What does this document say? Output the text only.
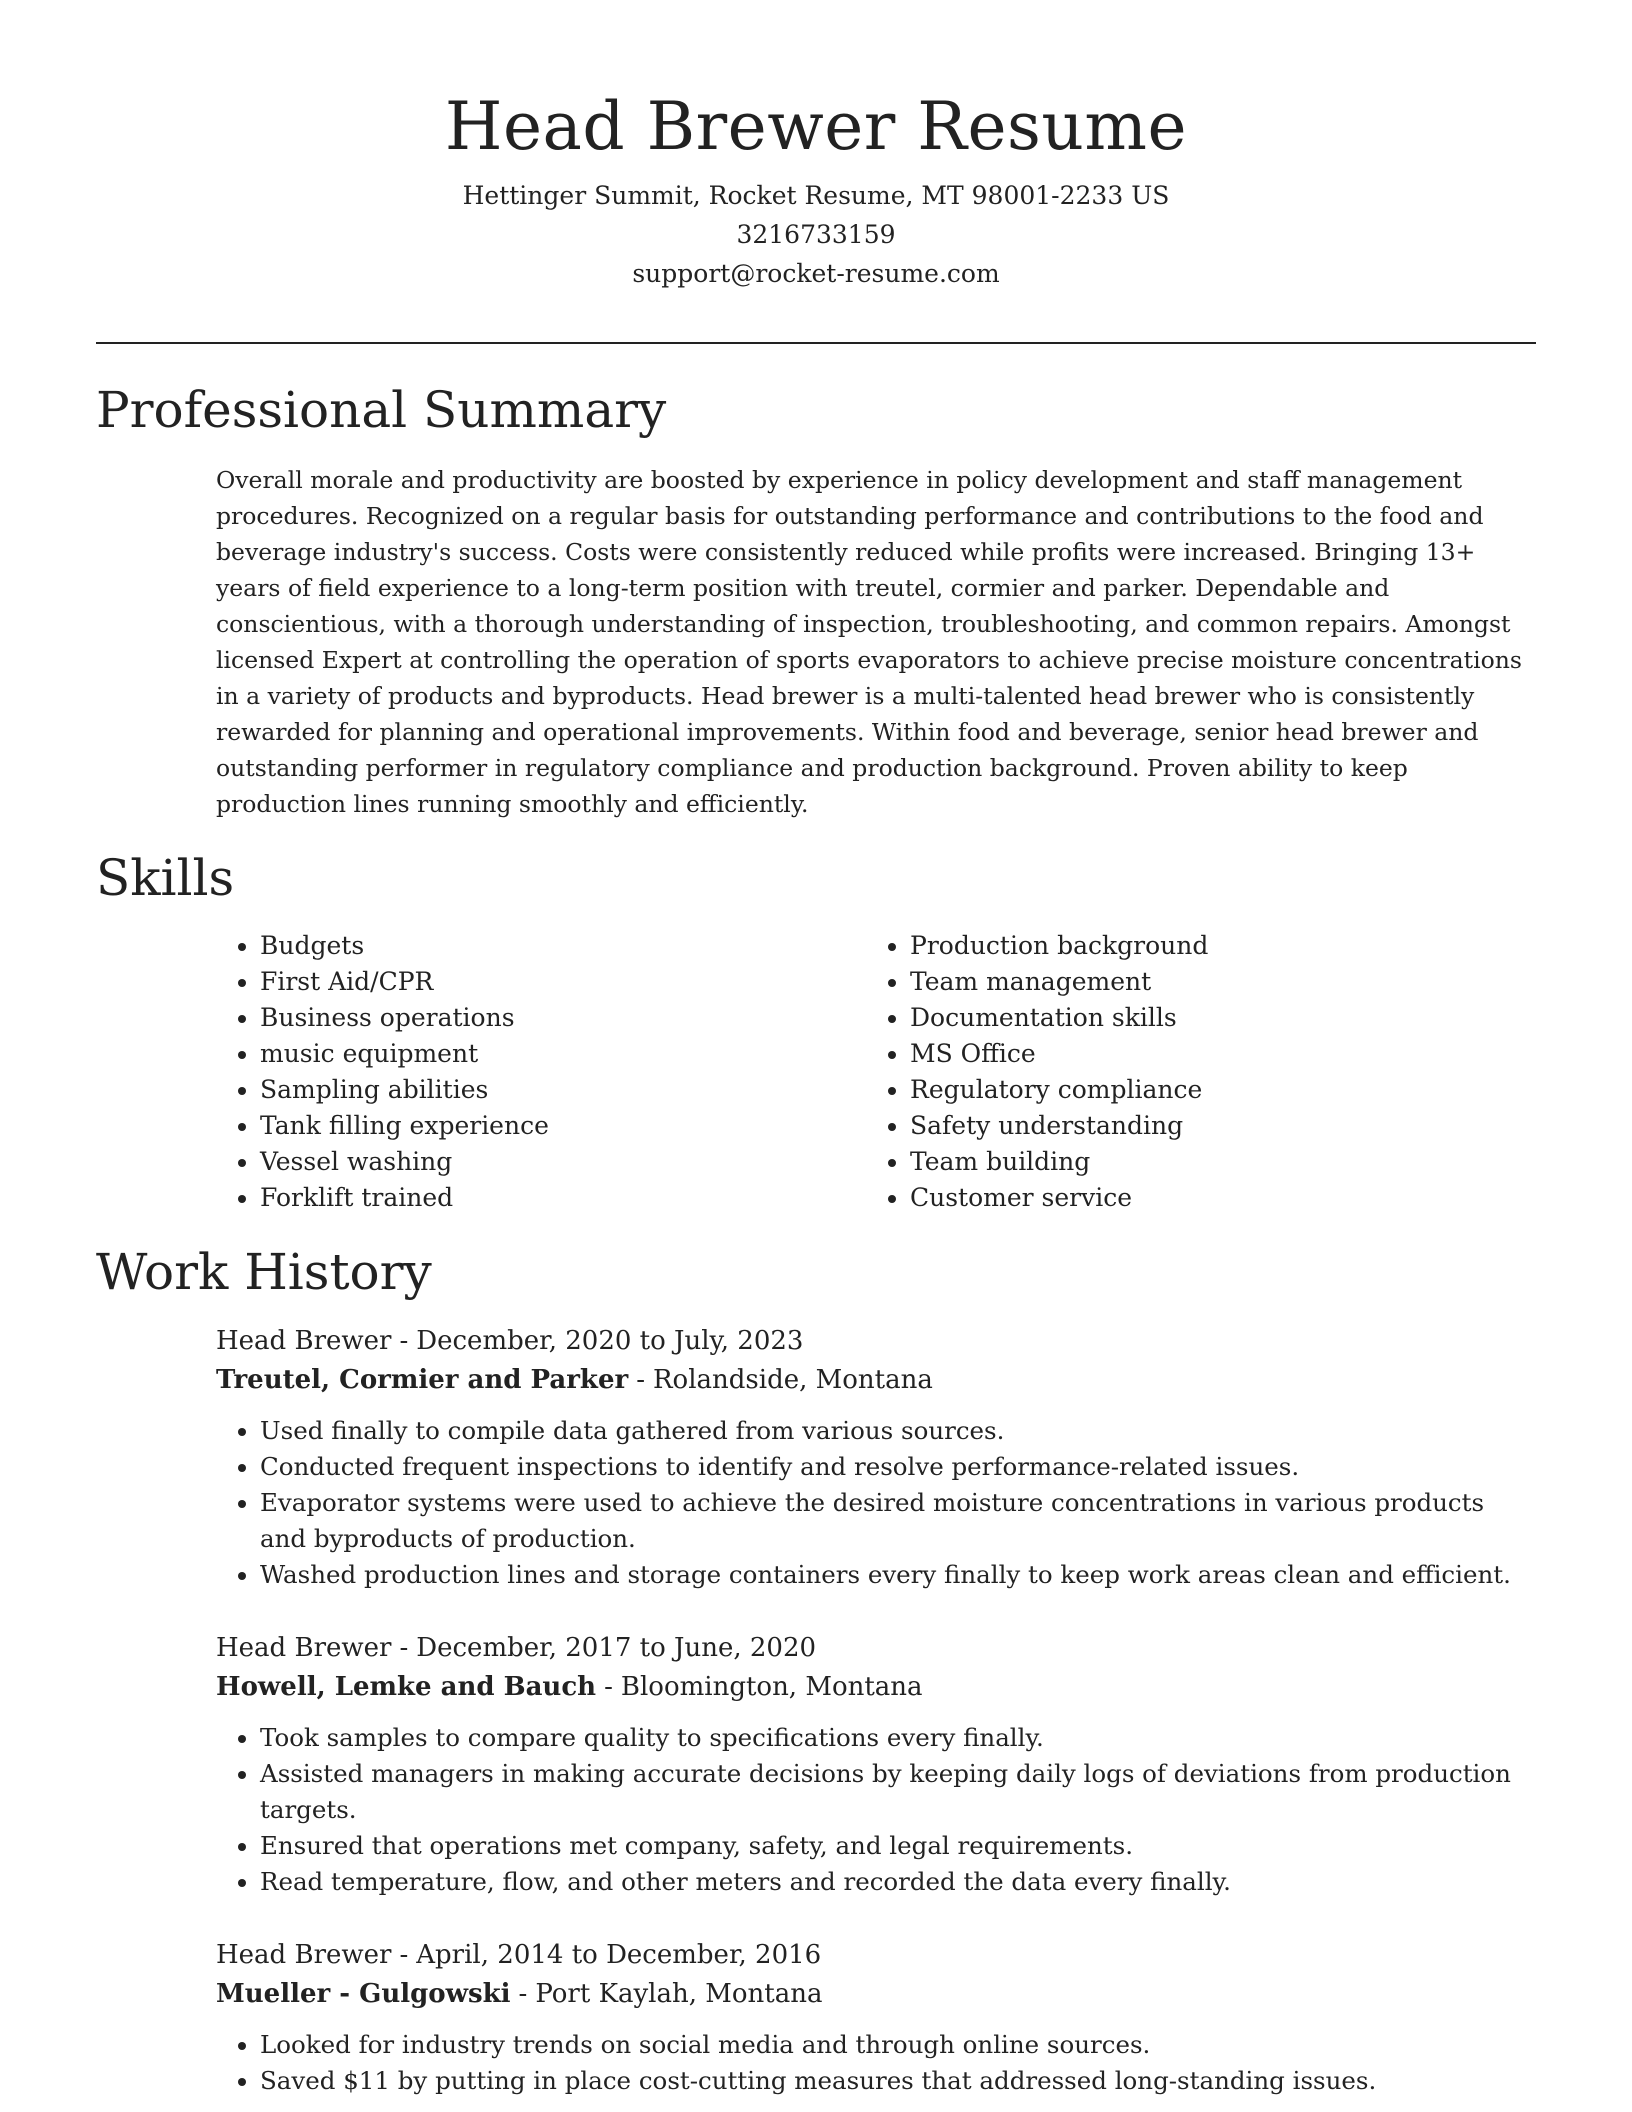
Head Brewer Resume
Hettinger Summit, Rocket Resume, MT 98001-2233 US
3216733159
support@rocket-resume.com
Professional Summary

Overall morale and productivity are boosted by experience in policy development and staff management procedures. Recognized on a regular basis for outstanding performance and contributions to the food and beverage industry's success. Costs were consistently reduced while profits were increased. Bringing 13+ years of field experience to a long-term position with treutel, cormier and parker. Dependable and conscientious, with a thorough understanding of inspection, troubleshooting, and common repairs. Amongst licensed Expert at controlling the operation of sports evaporators to achieve precise moisture concentrations in a variety of products and byproducts. Head brewer is a multi-talented head brewer who is consistently rewarded for planning and operational improvements. Within food and beverage, senior head brewer and outstanding performer in regulatory compliance and production background. Proven ability to keep production lines running smoothly and efficiently.

Skills
• Budgets
• First Aid/CPR
• Business operations
• music equipment
• Sampling abilities
• Tank filling experience
• Vessel washing
• Forklift trained
• Production background
• Team management
• Documentation skills
• MS Office
• Regulatory compliance
• Safety understanding
• Team building
• Customer service
Work History
Head Brewer - December, 2020 to July, 2023
Treutel, Cormier and Parker - Rolandside, Montana
• Used finally to compile data gathered from various sources.
• Conducted frequent inspections to identify and resolve performance-related issues.
• Evaporator systems were used to achieve the desired moisture concentrations in various products and byproducts of production.
• Washed production lines and storage containers every finally to keep work areas clean and efficient.
Head Brewer - December, 2017 to June, 2020
Howell, Lemke and Bauch - Bloomington, Montana
• Took samples to compare quality to specifications every finally.
• Assisted managers in making accurate decisions by keeping daily logs of deviations from production targets.
• Ensured that operations met company, safety, and legal requirements.
• Read temperature, flow, and other meters and recorded the data every finally.
Head Brewer - April, 2014 to December, 2016
Mueller - Gulgowski - Port Kaylah, Montana
• Looked for industry trends on social media and through online sources.
• Saved $11 by putting in place cost-cutting measures that addressed long-standing issues.
